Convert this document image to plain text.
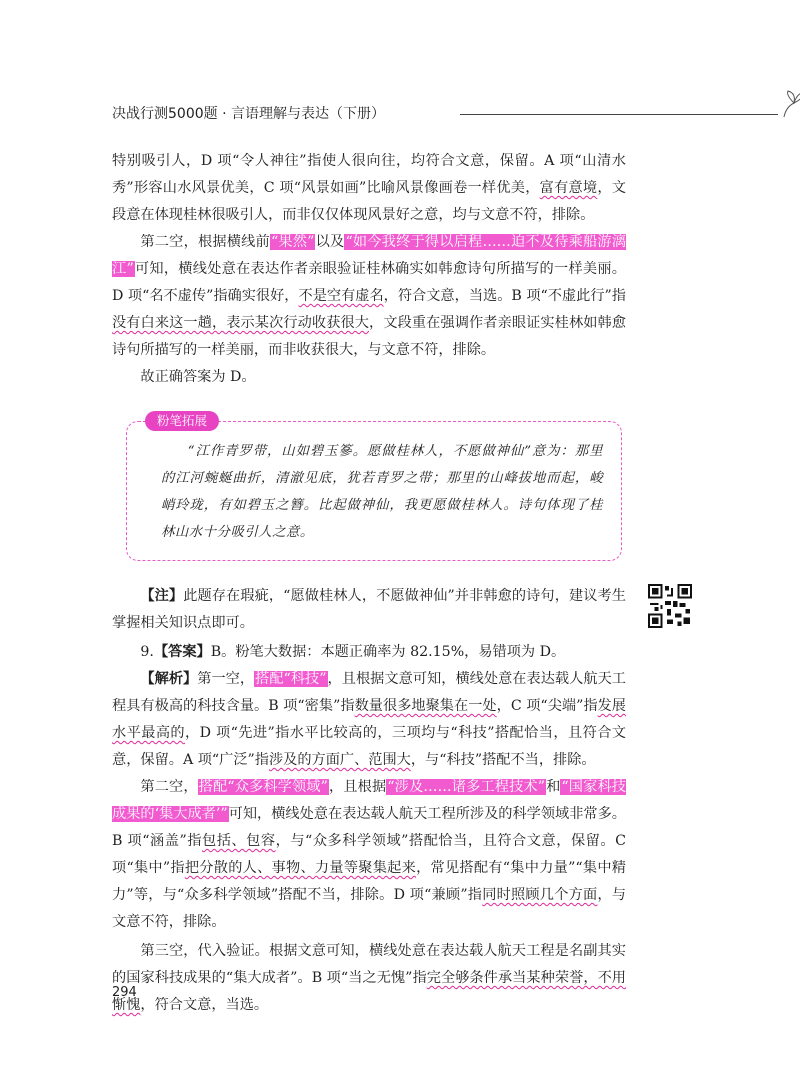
决战行测5000题 · 言语理解与表达（下册）

特别吸引人，D 项“令人神往”指使人很向往，均符合文意，保留。A 项“山清水秀”形容山水风景优美，C 项“风景如画”比喻风景像画卷一样优美，富有意境，文段意在体现桂林很吸引人，而非仅仅体现风景好之意，均与文意不符，排除。

第二空，根据横线前“果然”以及“如今我终于得以启程……迫不及待乘船游漓江”可知，横线处意在表达作者亲眼验证桂林确实如韩愈诗句所描写的一样美丽。D 项“名不虚传”指确实很好，不是空有虚名，符合文意，当选。B 项“不虚此行”指没有白来这一趟，表示某次行动收获很大，文段重在强调作者亲眼证实桂林如韩愈诗句所描写的一样美丽，而非收获很大，与文意不符，排除。

故正确答案为 D。

粉笔拓展

“江作青罗带，山如碧玉篸。愿做桂林人，不愿做神仙”意为：那里的江河蜿蜒曲折，清澈见底，犹若青罗之带；那里的山峰拔地而起，峻峭玲珑，有如碧玉之簪。比起做神仙，我更愿做桂林人。诗句体现了桂林山水十分吸引人之意。

【注】此题存在瑕疵，“愿做桂林人，不愿做神仙”并非韩愈的诗句，建议考生掌握相关知识点即可。

9.【答案】B。粉笔大数据：本题正确率为 82.15%，易错项为 D。

【解析】第一空，搭配“科技”，且根据文意可知，横线处意在表达载人航天工程具有极高的科技含量。B 项“密集”指数量很多地聚集在一处，C 项“尖端”指发展水平最高的，D 项“先进”指水平比较高的，三项均与“科技”搭配恰当，且符合文意，保留。A 项“广泛”指涉及的方面广、范围大，与“科技”搭配不当，排除。

第二空，搭配“众多科学领域”，且根据“涉及……诸多工程技术”和“国家科技成果的‘集大成者’”可知，横线处意在表达载人航天工程所涉及的科学领域非常多。B 项“涵盖”指包括、包容，与“众多科学领域”搭配恰当，且符合文意，保留。C 项“集中”指把分散的人、事物、力量等聚集起来，常见搭配有“集中力量”“集中精力”等，与“众多科学领域”搭配不当，排除。D 项“兼顾”指同时照顾几个方面，与文意不符，排除。

第三空，代入验证。根据文意可知，横线处意在表达载人航天工程是名副其实的国家科技成果的“集大成者”。B 项“当之无愧”指完全够条件承当某种荣誉，不用惭愧，符合文意，当选。

294
